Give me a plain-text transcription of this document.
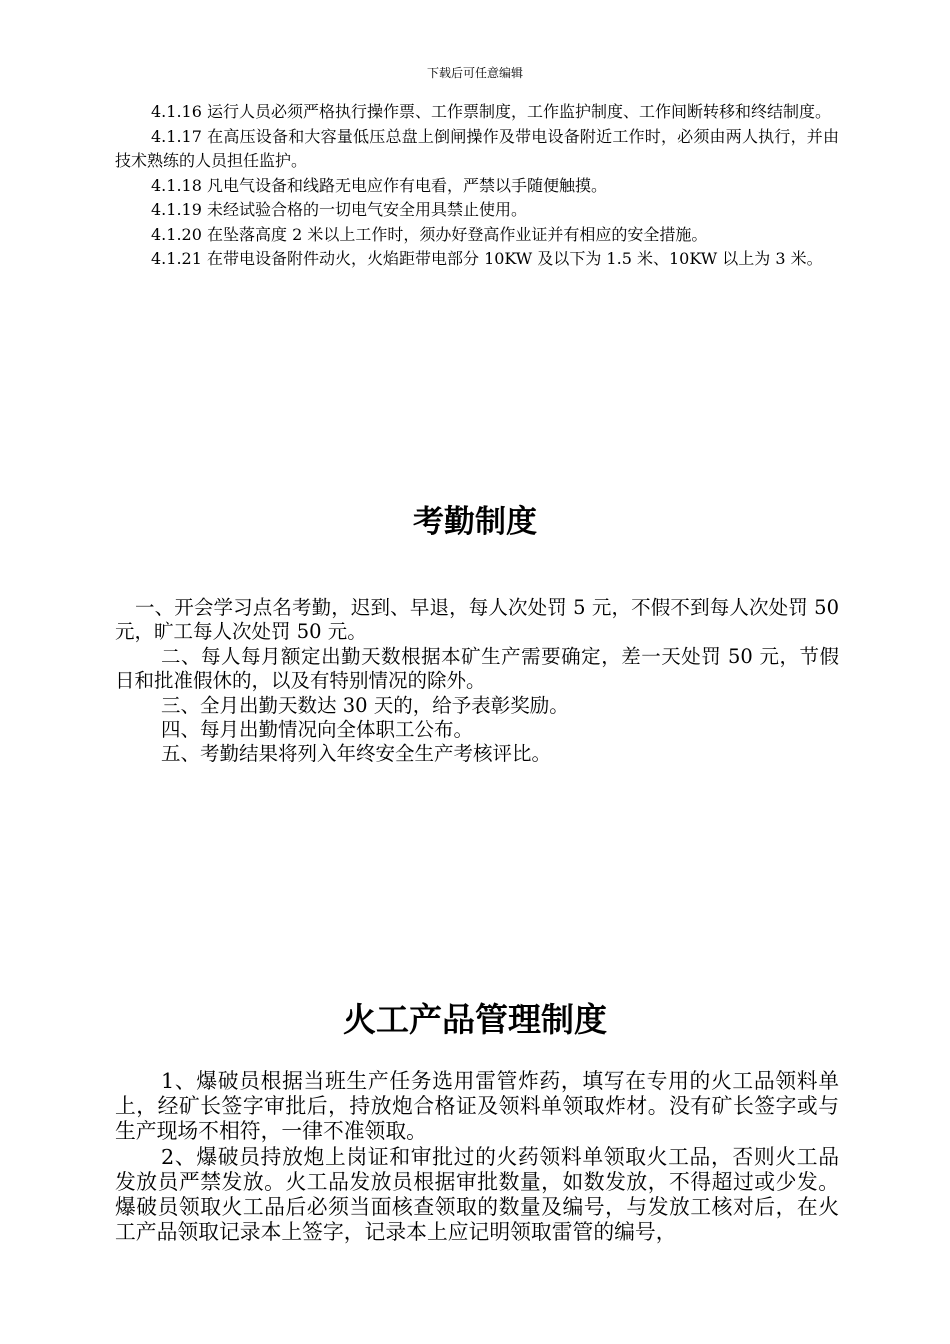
下载后可任意编辑

4.1.16 运行人员必须严格执行操作票、工作票制度，工作监护制度、工作间断转移和终结制度。

4.1.17 在高压设备和大容量低压总盘上倒闸操作及带电设备附近工作时，必须由两人执行，并由技术熟练的人员担任监护。

4.1.18 凡电气设备和线路无电应作有电看，严禁以手随便触摸。

4.1.19 未经试验合格的一切电气安全用具禁止使用。

4.1.20 在坠落高度 2 米以上工作时，须办好登高作业证并有相应的安全措施。

4.1.21 在带电设备附件动火，火焰距带电部分 10KW 及以下为 1.5 米、10KW 以上为 3 米。

考勤制度

一、开会学习点名考勤，迟到、早退，每人次处罚 5 元，不假不到每人次处罚 50 元，旷工每人次处罚 50 元。

二、每人每月额定出勤天数根据本矿生产需要确定，差一天处罚 50 元，节假日和批准假休的，以及有特别情况的除外。

三、全月出勤天数达 30 天的，给予表彰奖励。

四、每月出勤情况向全体职工公布。

五、考勤结果将列入年终安全生产考核评比。

火工产品管理制度

1、爆破员根据当班生产任务选用雷管炸药，填写在专用的火工品领料单上，经矿长签字审批后，持放炮合格证及领料单领取炸材。没有矿长签字或与生产现场不相符，一律不准领取。

2、爆破员持放炮上岗证和审批过的火药领料单领取火工品，否则火工品发放员严禁发放。火工品发放员根据审批数量，如数发放，不得超过或少发。爆破员领取火工品后必须当面核查领取的数量及编号，与发放工核对后，在火工产品领取记录本上签字，记录本上应记明领取雷管的编号，
